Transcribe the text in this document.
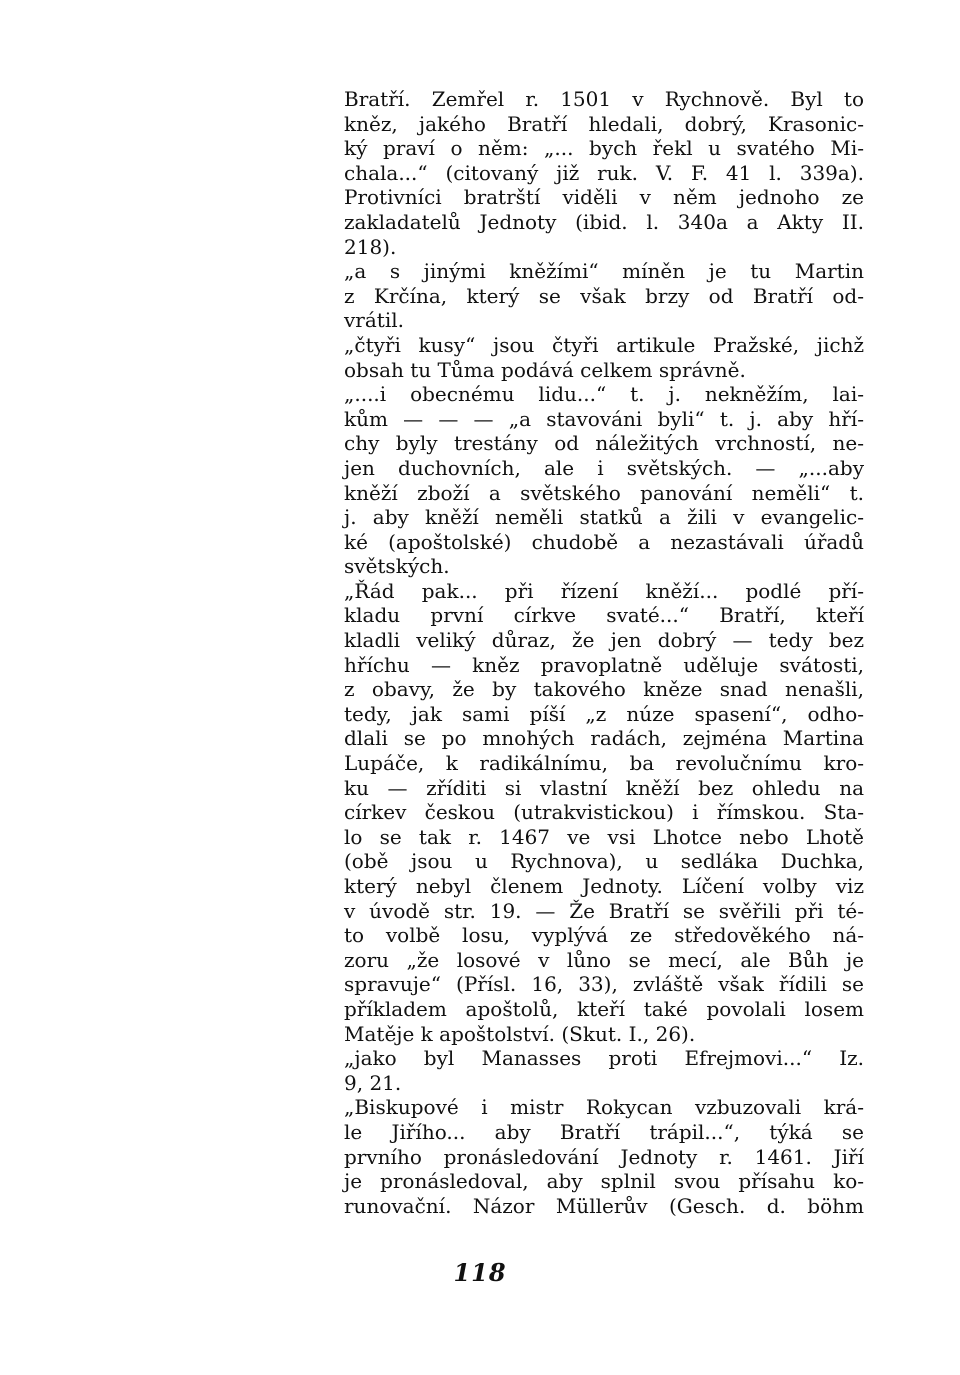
Bratří. Zemřel r. 1501 v Rychnově. Byl to
kněz, jakého Bratří hledali, dobrý, Krasonic-
ký praví o něm: „... bych řekl u svatého Mi-
chala...“ (citovaný již ruk. V. F. 41 l. 339a).
Protivníci bratrští viděli v něm jednoho ze
zakladatelů Jednoty (ibid. l. 340a a Akty II.
218).
„a s jinými kněžími“ míněn je tu Martin
z Krčína, který se však brzy od Bratří od-
vrátil.
„čtyři kusy“ jsou čtyři artikule Pražské, jichž
obsah tu Tůma podává celkem správně.
„....i obecnému lidu...“ t. j. nekněžím, lai-
kům — — — „a stavováni byli“ t. j. aby hří-
chy byly trestány od náležitých vrchností, ne-
jen duchovních, ale i světských. — „...aby
kněží zboží a světského panování neměli“ t.
j. aby kněží neměli statků a žili v evangelic-
ké (apoštolské) chudobě a nezastávali úřadů
světských.
„Řád pak... při řízení kněží... podlé pří-
kladu první církve svaté...“ Bratří, kteří
kladli veliký důraz, že jen dobrý — tedy bez
hříchu — kněz pravoplatně uděluje svátosti,
z obavy, že by takového kněze snad nenašli,
tedy, jak sami píší „z núze spasení“, odho-
dlali se po mnohých radách, zejména Martina
Lupáče, k radikálnímu, ba revolučnímu kro-
ku — zříditi si vlastní kněží bez ohledu na
církev českou (utrakvistickou) i římskou. Sta-
lo se tak r. 1467 ve vsi Lhotce nebo Lhotě
(obě jsou u Rychnova), u sedláka Duchka,
který nebyl členem Jednoty. Líčení volby viz
v úvodě str. 19. — Že Bratří se svěřili při té-
to volbě losu, vyplývá ze středověkého ná-
zoru „že losové v lůno se mecí, ale Bůh je
spravuje“ (Přísl. 16, 33), zvláště však řídili se
příkladem apoštolů, kteří také povolali losem
Matěje k apoštolství. (Skut. I., 26).
„jako byl Manasses proti Efrejmovi...“ Iz.
9, 21.
„Biskupové i mistr Rokycan vzbuzovali krá-
le Jiřího... aby Bratří trápil...“, týká se
prvního pronásledování Jednoty r. 1461. Jiří
je pronásledoval, aby splnil svou přísahu ko-
runovační. Názor Müllerův (Gesch. d. böhm
118
